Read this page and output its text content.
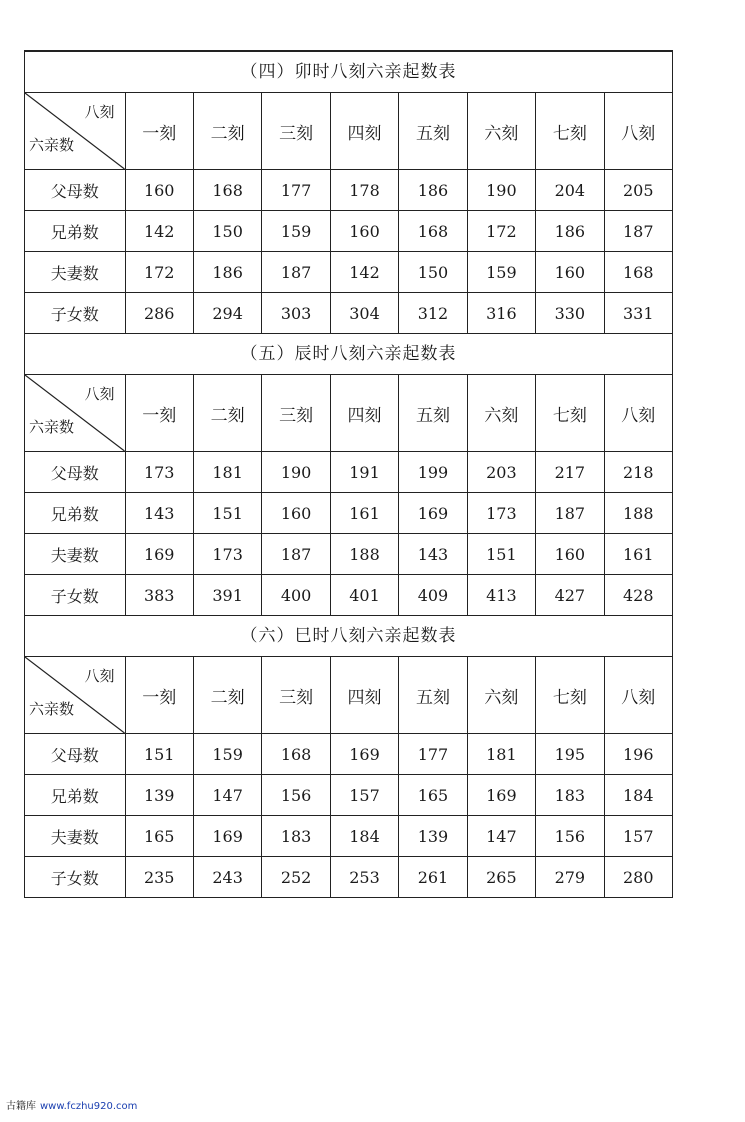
（四）卯时八刻六亲起数表
八刻
六亲数	一刻	二刻	三刻	四刻	五刻	六刻	七刻	八刻
父母数	160	168	177	178	186	190	204	205
兄弟数	142	150	159	160	168	172	186	187
夫妻数	172	186	187	142	150	159	160	168
子女数	286	294	303	304	312	316	330	331
（五）辰时八刻六亲起数表
八刻
六亲数	一刻	二刻	三刻	四刻	五刻	六刻	七刻	八刻
父母数	173	181	190	191	199	203	217	218
兄弟数	143	151	160	161	169	173	187	188
夫妻数	169	173	187	188	143	151	160	161
子女数	383	391	400	401	409	413	427	428
（六）巳时八刻六亲起数表
八刻
六亲数	一刻	二刻	三刻	四刻	五刻	六刻	七刻	八刻
父母数	151	159	168	169	177	181	195	196
兄弟数	139	147	156	157	165	169	183	184
夫妻数	165	169	183	184	139	147	156	157
子女数	235	243	252	253	261	265	279	280
古籍库 www.fczhu920.com
